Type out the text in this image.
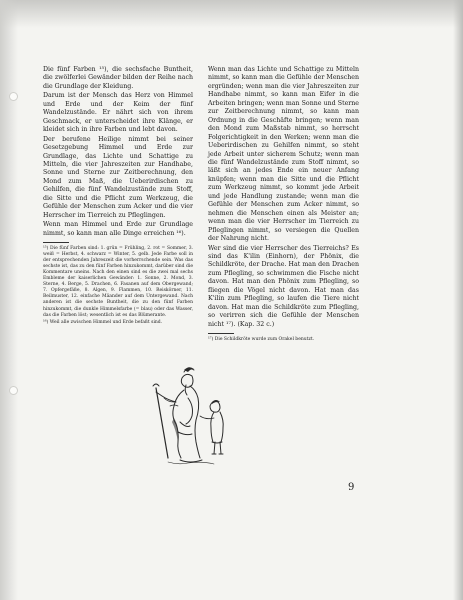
Die fünf Farben ¹⁵), die sechsfache Buntheit, die zwölferlei Gewänder bilden der Reihe nach die Grundlage der Kleidung.

Darum ist der Mensch das Herz von Himmel und Erde und der Keim der fünf Wandelzustände. Er nährt sich von ihrem Geschmack, er unterscheidet ihre Klänge, er kleidet sich in ihre Farben und lebt davon.

Der berufene Heilige nimmt bei seiner Gesetzgebung Himmel und Erde zur Grundlage, das Lichte und Schattige zu Mitteln, die vier Jahreszeiten zur Handhabe, Sonne und Sterne zur Zeitberechnung, den Mond zum Maß, die Ueberirdischen zu Gehilfen, die fünf Wandelzustände zum Stoff, die Sitte und die Pflicht zum Werkzeug, die Gefühle der Menschen zum Acker und die vier Herrscher im Tierreich zu Pfleglingen.

Wenn man Himmel und Erde zur Grundlage nimmt, so kann man alle Dinge erreichen ¹⁶).

¹⁵) Die fünf Farben sind: 1. grün = Frühling, 2. rot = Sommer, 3. weiß = Herbst, 4. schwarz = Winter, 5. gelb. Jede Farbe soll in der entsprechenden Jahreszeit die vorherrschende sein. Was das sechste ist, das zu den fünf Farben hinzukommt, darüber sind die Kommentare uneins. Nach den einen sind es die zwei mal sechs Embleme der kaiserlichen Gewänder: 1. Sonne, 2. Mond, 3. Sterne, 4. Berge, 5. Drachen, 6. Fasanen auf dem Obergewand; 7. Opfergefäße, 8. Algen, 9. Flammen, 10. Reiskörner, 11. Beilmuster, 12. einfache Mäander auf dem Untergewand. Nach anderen ist die sechste Buntheit, die zu den fünf Farben hinzukommt, die dunkle Himmelsfarbe (= blau) oder das Wasser, das die Farben löst; wesentlich ist es das Blümerante.

¹⁶) Weil alle zwischen Himmel und Erde befaßt sind.

Wenn man das Lichte und Schattige zu Mitteln nimmt, so kann man die Gefühle der Menschen ergründen; wenn man die vier Jahreszeiten zur Handhabe nimmt, so kann man Eifer in die Arbeiten bringen; wenn man Sonne und Sterne zur Zeitberechnung nimmt, so kann man Ordnung in die Geschäfte bringen; wenn man den Mond zum Maßstab nimmt, so herrscht Folgerichtigkeit in den Werken; wenn man die Ueberirdischen zu Gehilfen nimmt, so steht jede Arbeit unter sicherem Schutz; wenn man die fünf Wandelzustände zum Stoff nimmt, so läßt sich an jedes Ende ein neuer Anfang knüpfen; wenn man die Sitte und die Pflicht zum Werkzeug nimmt, so kommt jede Arbeit und jede Handlung zustande; wenn man die Gefühle der Menschen zum Acker nimmt, so nehmen die Menschen einen als Meister an; wenn man die vier Herrscher im Tierreich zu Pfleglingen nimmt, so versiegen die Quellen der Nahrung nicht.

Wer sind die vier Herrscher des Tierreichs? Es sind das K'ilin (Einhorn), der Phönix, die Schildkröte, der Drache. Hat man den Drachen zum Pflegling, so schwimmen die Fische nicht davon. Hat man den Phönix zum Pflegling, so fliegen die Vögel nicht davon. Hat man das K'ilin zum Pflegling, so laufen die Tiere nicht davon. Hat man die Schildkröte zum Pflegling, so verirren sich die Gefühle der Menschen nicht ¹⁷). (Kap. 32 c.)

¹⁷) Die Schildkröte wurde zum Orakel benutzt.

9
